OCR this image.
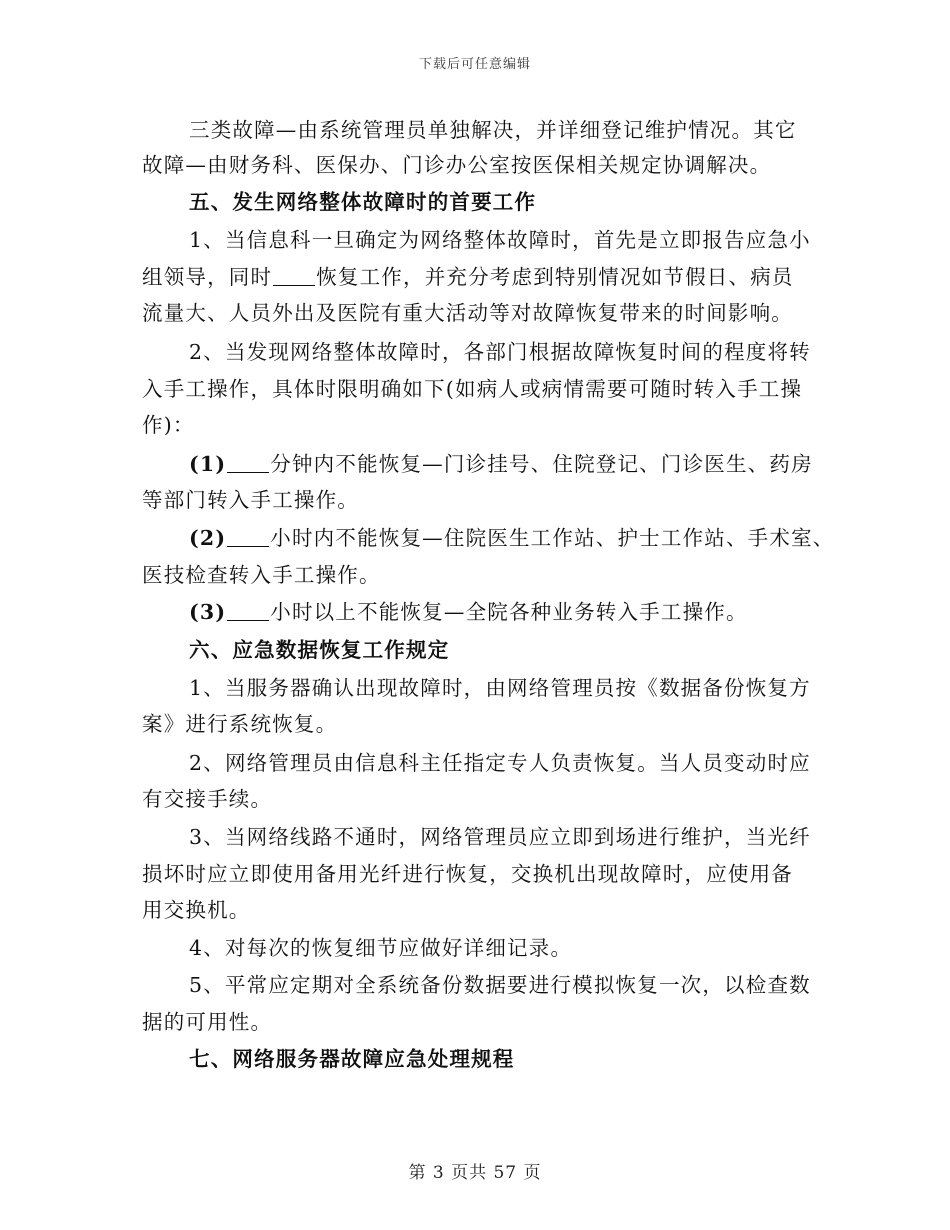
下载后可任意编辑
三类故障—由系统管理员单独解决，并详细登记维护情况。其它
故障—由财务科、医保办、门诊办公室按医保相关规定协调解决。
五、发生网络整体故障时的首要工作
1、当信息科一旦确定为网络整体故障时，首先是立即报告应急小
组领导，同时 恢复工作，并充分考虑到特别情况如节假日、病员
流量大、人员外出及医院有重大活动等对故障恢复带来的时间影响。
2、当发现网络整体故障时，各部门根据故障恢复时间的程度将转
入手工操作，具体时限明确如下(如病人或病情需要可随时转入手工操
作)：
(1) 分钟内不能恢复—门诊挂号、住院登记、门诊医生、药房
等部门转入手工操作。
(2) 小时内不能恢复—住院医生工作站、护士工作站、手术室、
医技检查转入手工操作。
(3) 小时以上不能恢复—全院各种业务转入手工操作。
六、应急数据恢复工作规定
1、当服务器确认出现故障时，由网络管理员按《数据备份恢复方
案》进行系统恢复。
2、网络管理员由信息科主任指定专人负责恢复。当人员变动时应
有交接手续。
3、当网络线路不通时，网络管理员应立即到场进行维护，当光纤
损坏时应立即使用备用光纤进行恢复，交换机出现故障时，应使用备
用交换机。
4、对每次的恢复细节应做好详细记录。
5、平常应定期对全系统备份数据要进行模拟恢复一次，以检查数
据的可用性。
七、网络服务器故障应急处理规程
第 3 页共 57 页
